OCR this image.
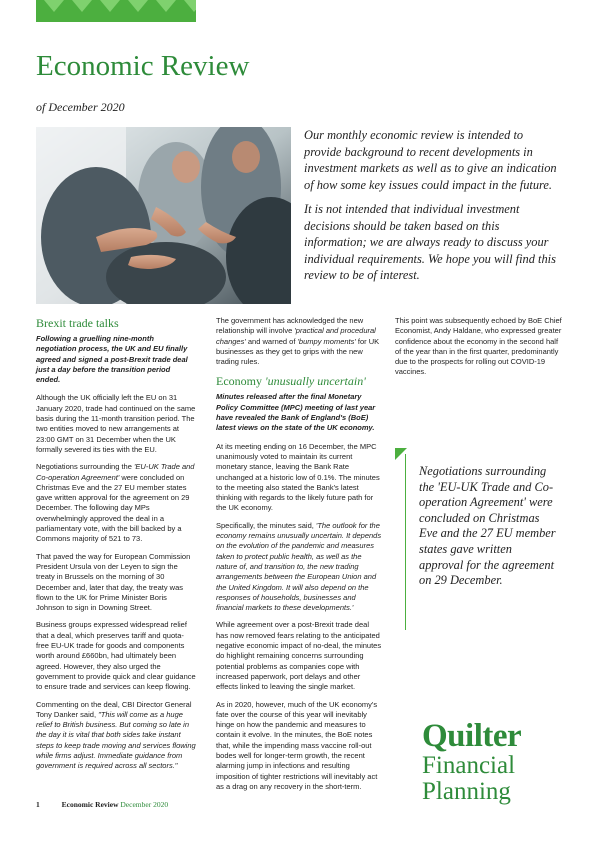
Economic Review

of December 2020

Our monthly economic review is intended to provide background to recent developments in investment markets as well as to give an indication of how some key issues could impact in the future.

It is not intended that individual investment decisions should be taken based on this information; we are always ready to discuss your individual requirements. We hope you will find this review to be of interest.

Brexit trade talks

Following a gruelling nine-month negotiation process, the UK and EU finally agreed and signed a post-Brexit trade deal just a day before the transition period ended.

Although the UK officially left the EU on 31 January 2020, trade had continued on the same basis during the 11-month transition period. The two entities moved to new arrangements at 23:00 GMT on 31 December when the UK formally severed its ties with the EU.

Negotiations surrounding the 'EU-UK Trade and Co-operation Agreement' were concluded on Christmas Eve and the 27 EU member states gave written approval for the agreement on 29 December. The following day MPs overwhelmingly approved the deal in a parliamentary vote, with the bill backed by a Commons majority of 521 to 73.

That paved the way for European Commission President Ursula von der Leyen to sign the treaty in Brussels on the morning of 30 December and, later that day, the treaty was flown to the UK for Prime Minister Boris Johnson to sign in Downing Street.

Business groups expressed widespread relief that a deal, which preserves tariff and quota-free EU-UK trade for goods and components worth around £660bn, had ultimately been agreed. However, they also urged the government to provide quick and clear guidance to ensure trade and services can keep flowing.

Commenting on the deal, CBI Director General Tony Danker said, "This will come as a huge relief to British business. But coming so late in the day it is vital that both sides take instant steps to keep trade moving and services flowing while firms adjust. Immediate guidance from government is required across all sectors."

The government has acknowledged the new relationship will involve 'practical and procedural changes' and warned of 'bumpy moments' for UK businesses as they get to grips with the new trading rules.

Economy 'unusually uncertain'

Minutes released after the final Monetary Policy Committee (MPC) meeting of last year have revealed the Bank of England's (BoE) latest views on the state of the UK economy.

At its meeting ending on 16 December, the MPC unanimously voted to maintain its current monetary stance, leaving the Bank Rate unchanged at a historic low of 0.1%. The minutes to the meeting also stated the Bank's latest thinking with regards to the likely future path for the UK economy.

Specifically, the minutes said, 'The outlook for the economy remains unusually uncertain. It depends on the evolution of the pandemic and measures taken to protect public health, as well as the nature of, and transition to, the new trading arrangements between the European Union and the United Kingdom. It will also depend on the responses of households, businesses and financial markets to these developments.'

While agreement over a post-Brexit trade deal has now removed fears relating to the anticipated negative economic impact of no-deal, the minutes do highlight remaining concerns surrounding potential problems as companies cope with increased paperwork, port delays and other effects linked to leaving the single market.

As in 2020, however, much of the UK economy's fate over the course of this year will inevitably hinge on how the pandemic and measures to contain it evolve. In the minutes, the BoE notes that, while the impending mass vaccine roll-out bodes well for longer-term growth, the recent alarming jump in infections and resulting imposition of tighter restrictions will inevitably act as a drag on any recovery in the short-term.

This point was subsequently echoed by BoE Chief Economist, Andy Haldane, who expressed greater confidence about the economy in the second half of the year than in the first quarter, predominantly due to the prospects for rolling out COVID-19 vaccines.

Negotiations surrounding the 'EU-UK Trade and Co-operation Agreement' were concluded on Christmas Eve and the 27 EU member states gave written approval for the agreement on 29 December.

Quilter
Financial
Planning
1	Economic Review December 2020
